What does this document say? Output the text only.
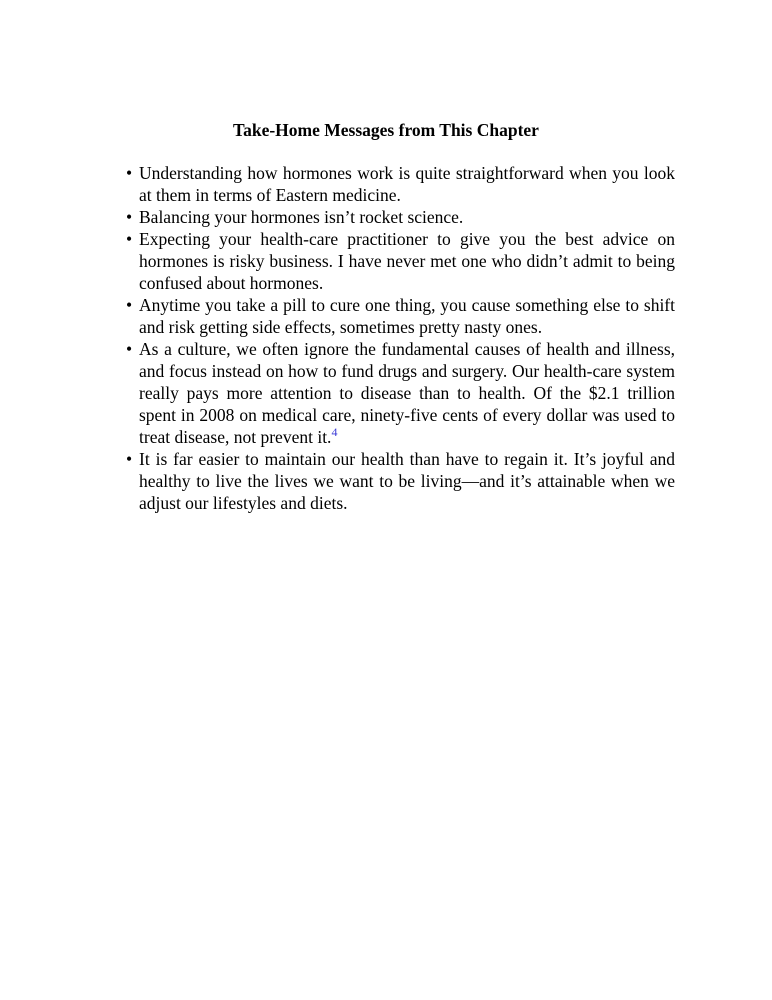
Take-Home Messages from This Chapter
• Understanding how hormones work is quite straightforward when you look at them in terms of Eastern medicine.
• Balancing your hormones isn’t rocket science.
• Expecting your health-care practitioner to give you the best advice on hormones is risky business. I have never met one who didn’t admit to being confused about hormones.
• Anytime you take a pill to cure one thing, you cause something else to shift and risk getting side effects, sometimes pretty nasty ones.
• As a culture, we often ignore the fundamental causes of health and illness, and focus instead on how to fund drugs and surgery. Our health-care system really pays more attention to disease than to health. Of the $2.1 trillion spent in 2008 on medical care, ninety-five cents of every dollar was used to treat disease, not prevent it.$^4$
• It is far easier to maintain our health than have to regain it. It’s joyful and healthy to live the lives we want to be living—and it’s attainable when we adjust our lifestyles and diets.
